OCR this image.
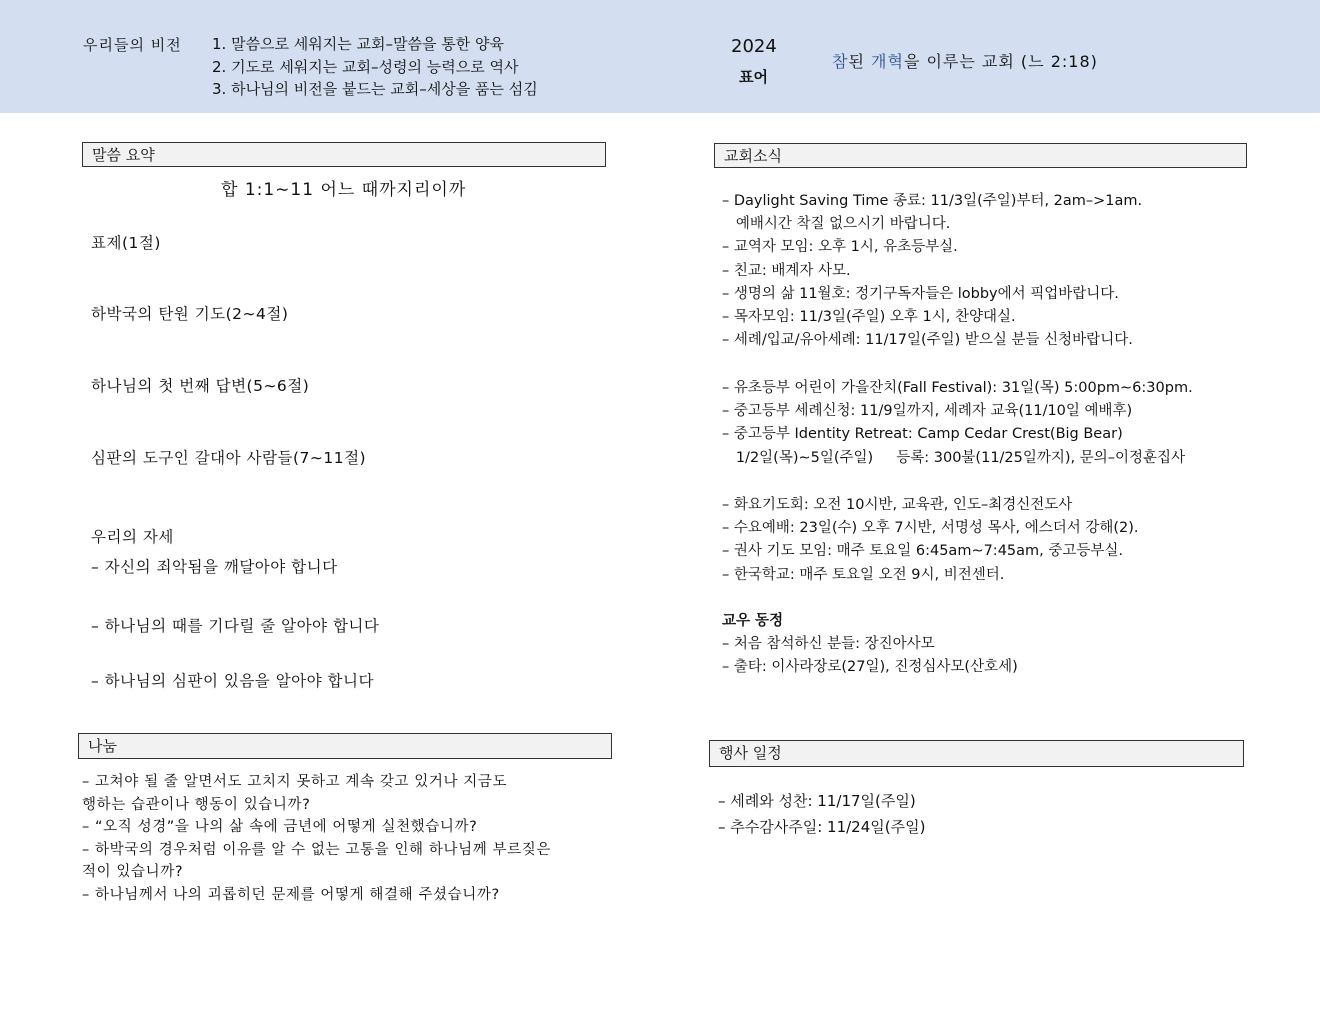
우리들의 비전 1. 말씀으로 세워지는 교회–말씀을 통한 양육
2. 기도로 세워지는 교회–성령의 능력으로 역사
3. 하나님의 비전을 붙드는 교회–세상을 품는 섬김
2024
표어
참된 개혁을 이루는 교회 (느 2:18)
말씀 요약
합 1:1∼11 어느 때까지리이까
표제(1절)
하박국의 탄원 기도(2∼4절)
하나님의 첫 번째 답변(5∼6절)
심판의 도구인 갈대아 사람들(7∼11절)
우리의 자세
– 자신의 죄악됨을 깨달아야 합니다
– 하나님의 때를 기다릴 줄 알아야 합니다
– 하나님의 심판이 있음을 알아야 합니다
나눔
– 고쳐야 될 줄 알면서도 고치지 못하고 계속 갖고 있거나 지금도
행하는 습관이나 행동이 있습니까?
– “오직 성경”을 나의 삶 속에 금년에 어떻게 실천했습니까?
– 하박국의 경우처럼 이유를 알 수 없는 고통을 인해 하나님께 부르짖은
적이 있습니까?
– 하나님께서 나의 괴롭히던 문제를 어떻게 해결해 주셨습니까?
교회소식
– Daylight Saving Time 종료: 11/3일(주일)부터, 2am–>1am.
예배시간 착질 없으시기 바랍니다.
– 교역자 모임: 오후 1시, 유초등부실.
– 친교: 배계자 사모.
– 생명의 삶 11월호: 정기구독자들은 lobby에서 픽업바랍니다.
– 목자모임: 11/3일(주일) 오후 1시, 찬양대실.
– 세례/입교/유아세례: 11/17일(주일) 받으실 분들 신청바랍니다.
– 유초등부 어린이 가을잔치(Fall Festival): 31일(목) 5:00pm∼6:30pm.
– 중고등부 세례신청: 11/9일까지, 세례자 교육(11/10일 예배후)
– 중고등부 Identity Retreat: Camp Cedar Crest(Big Bear)
1/2일(목)∼5일(주일)     등록: 300불(11/25일까지), 문의–이정훈집사
– 화요기도회: 오전 10시반, 교육관, 인도–최경신전도사
– 수요예배: 23일(수) 오후 7시반, 서명성 목사, 에스더서 강해(2).
– 권사 기도 모임: 매주 토요일 6:45am∼7:45am, 중고등부실.
– 한국학교: 매주 토요일 오전 9시, 비전센터.
교우 동정
– 처음 참석하신 분들: 장진아사모
– 출타: 이사라장로(27일), 진정심사모(산호세)
행사 일정
– 세례와 성찬: 11/17일(주일)
– 추수감사주일: 11/24일(주일)
